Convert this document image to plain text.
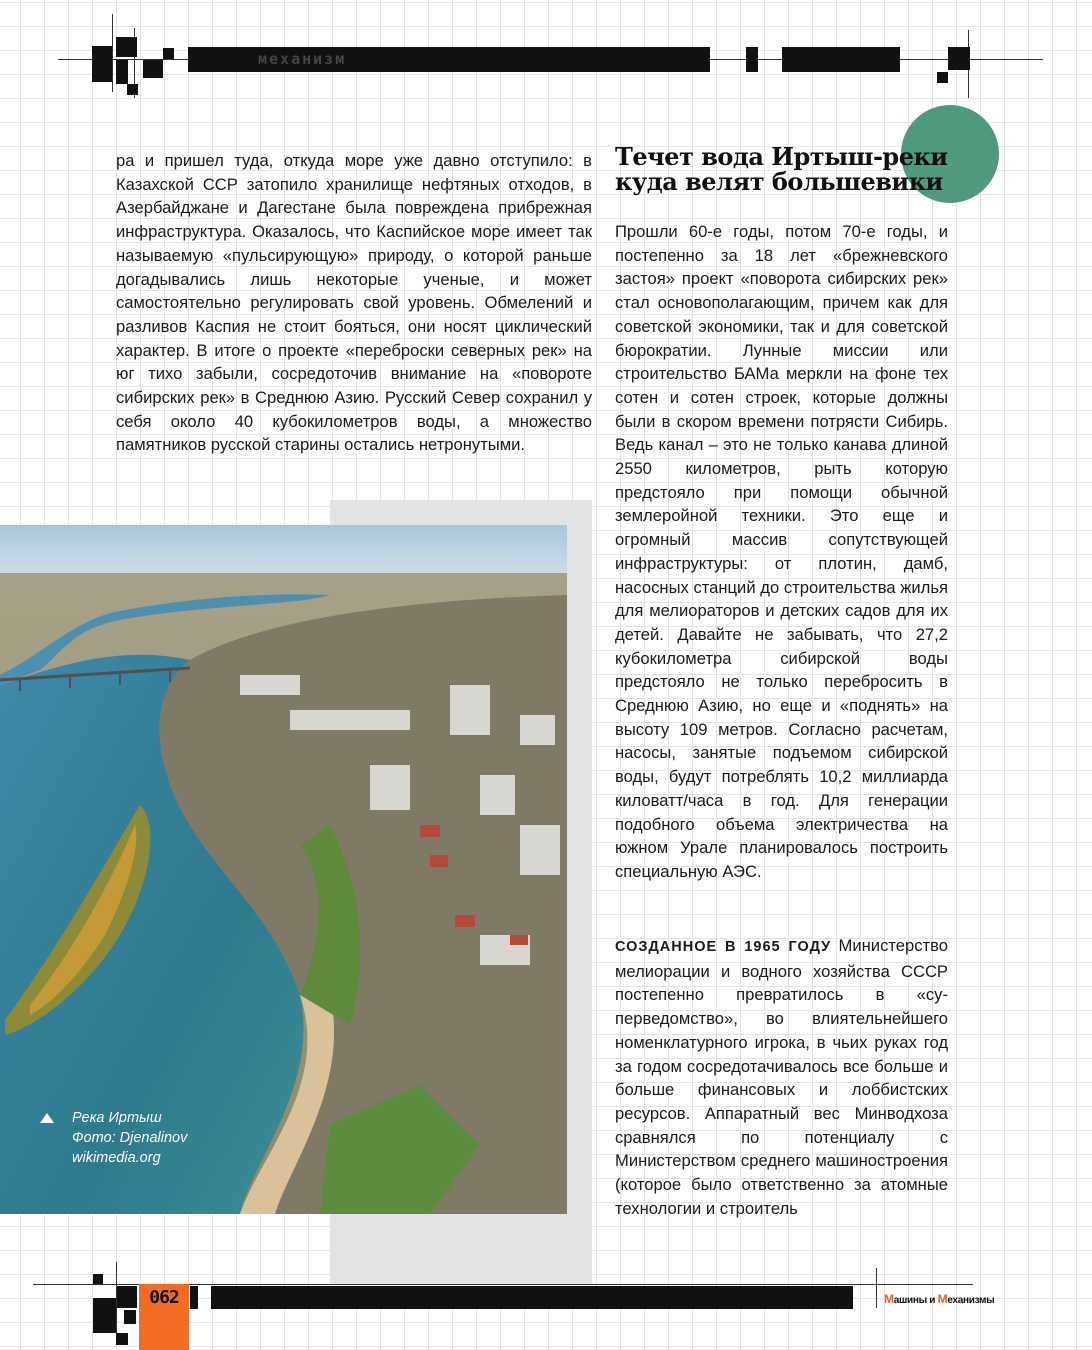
механизм

ра и пришел туда, откуда море уже давно отступило: в Казахской ССР затопило хранилище нефтяных отходов, в Азербайджане и Дагестане была повреждена прибрежная инфраструктура. Оказалось, что Каспийское море имеет так называемую «пульсирующую» природу, о которой раньше догадывались лишь некоторые ученые, и может самостоятельно регулировать свой уровень. Обмелений и разливов Каспия не стоит бояться, они носят циклический характер. В итоге о проекте «переброски северных рек» на юг тихо забыли, сосредоточив внимание на «повороте сибирских рек» в Среднюю Азию. Русский Север сохранил у себя около 40 кубокилометров воды, а множество памятников русской старины остались нетронутыми.

Течет вода Иртыш-реки куда велят большевики

Прошли 60-е годы, потом 70-е годы, и постепенно за 18 лет «брежневского застоя» проект «поворота сибирских рек» стал основополагающим, причем как для советской экономики, так и для советской бюрократии. Лунные миссии или строительство БАМа меркли на фоне тех сотен и сотен строек, которые должны были в скором времени потрясти Сибирь. Ведь канал – это не только канава длиной 2550 километров, рыть которую предстояло при помощи обычной землеройной техники. Это еще и огромный массив сопутствующей инфраструктуры: от плотин, дамб, насосных станций до строительства жилья для мелиораторов и детских садов для их детей. Давайте не забывать, что 27,2 кубокилометра сибирской воды предстояло не только перебросить в Среднюю Азию, но еще и «поднять» на высоту 109 метров. Согласно расчетам, насосы, занятые подъемом сибирской воды, будут потреблять 10,2 миллиарда киловатт/часа в год. Для генерации подобного объема электричества на южном Урале планировалось построить специальную АЭС.

СОЗДАННОЕ В 1965 ГОДУ Министерство мелиорации и водного хозяйства СССР постепенно превратилось в «суперведомство», во влиятельнейшего номенклатурного игрока, в чьих руках год за годом сосредотачивалось все больше и больше финансовых и лоббистских ресурсов. Аппаратный вес Минводхоза сравнялся по потенциалу с Министерством среднего машиностроения (которое было ответственно за атомные технологии и строитель

Река Иртыш
Фото: Djenalinov
wikimedia.org
062	Машины и Механизмы
